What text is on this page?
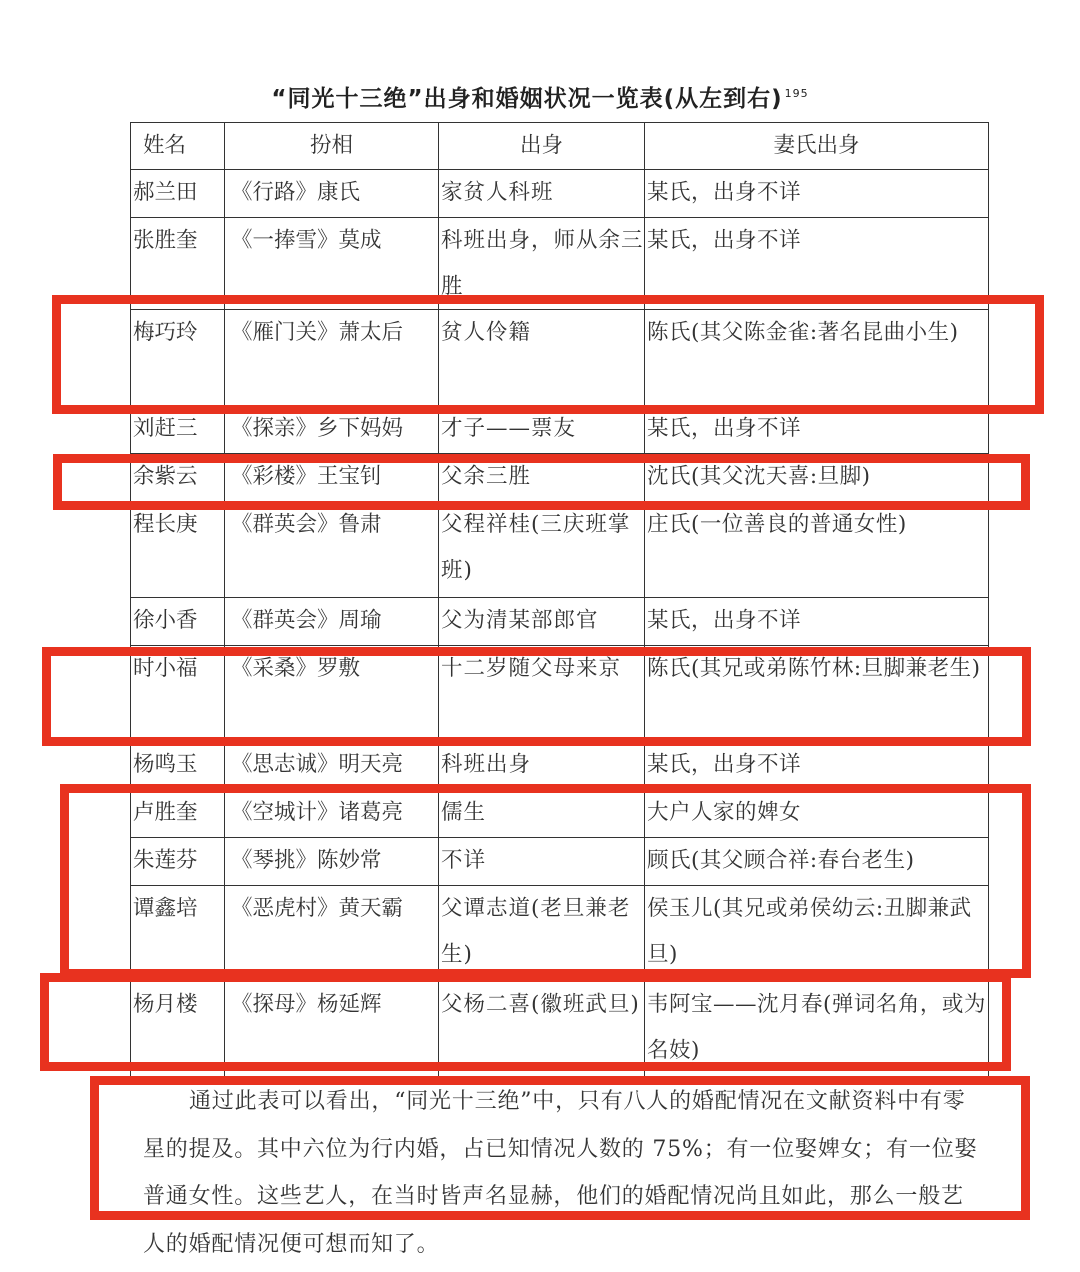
“同光十三绝”出身和婚姻状况一览表(从左到右) $^{195}$
姓名	扮相	出身	妻氏出身
郝兰田	《行路》康氏	家贫人科班	某氏，出身不详
张胜奎	《一捧雪》莫成	科班出身，师从余三胜	某氏，出身不详
梅巧玲	《雁门关》萧太后	贫人伶籍	陈氏(其父陈金雀:著名昆曲小生)
刘赶三	《探亲》乡下妈妈	才子——票友	某氏，出身不详
余紫云	《彩楼》王宝钊	父余三胜	沈氏(其父沈天喜:旦脚)
程长庚	《群英会》鲁肃	父程祥桂(三庆班掌班)	庄氏(一位善良的普通女性)
徐小香	《群英会》周瑜	父为清某部郎官	某氏，出身不详
时小福	《采桑》罗敷	十二岁随父母来京	陈氏(其兄或弟陈竹林:旦脚兼老生)
杨鸣玉	《思志诚》明天亮	科班出身	某氏，出身不详
卢胜奎	《空城计》诸葛亮	儒生	大户人家的婢女
朱莲芬	《琴挑》陈妙常	不详	顾氏(其父顾合祥:春台老生)
谭鑫培	《恶虎村》黄天霸	父谭志道(老旦兼老生)	侯玉儿(其兄或弟侯幼云:丑脚兼武旦)
杨月楼	《探母》杨延辉	父杨二喜(徽班武旦)	韦阿宝——沈月春(弹词名角，或为名妓)
通过此表可以看出，“同光十三绝”中，只有八人的婚配情况在文献资料中有零星的提及。其中六位为行内婚，占已知情况人数的 75%；有一位娶婢女；有一位娶普通女性。这些艺人，在当时皆声名显赫，他们的婚配情况尚且如此，那么一般艺人的婚配情况便可想而知了。
